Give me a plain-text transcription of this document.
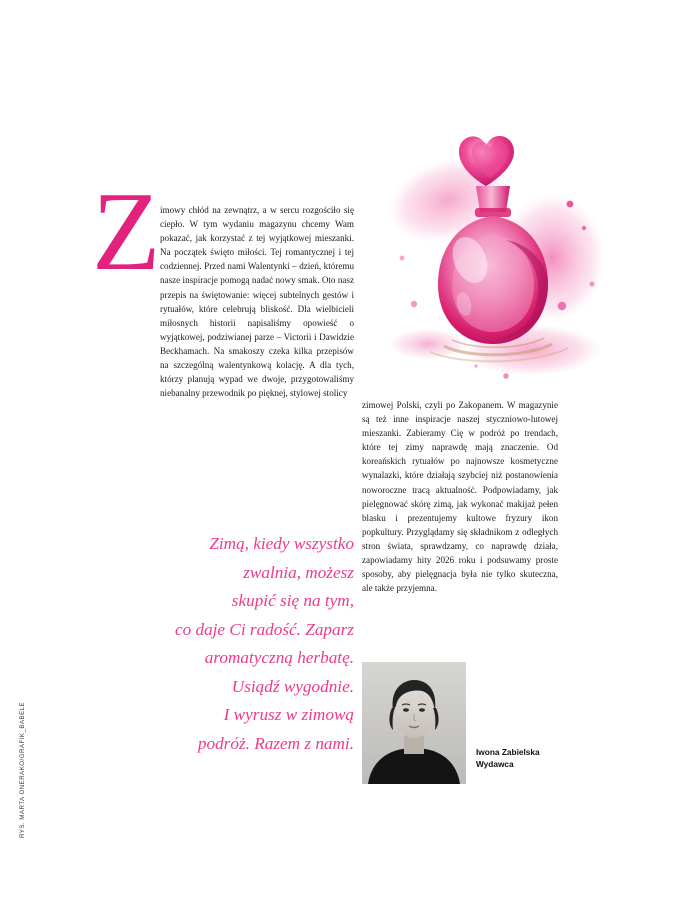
RYS. MARTA ONERAKO/GRAFIK_BABELE
Z imowy chłód na zewnątrz, a w sercu rozgościło się ciepło. W tym wydaniu magazynu chcemy Wam pokazać, jak korzystać z tej wyjątkowej mieszanki. Na początek święto miłości. Tej romantycznej i tej codziennej. Przed nami Walentynki – dzień, któremu nasze inspiracje pomogą nadać nowy smak. Oto nasz przepis na świętowanie: więcej subtelnych gestów i rytuałów, które celebrują bliskość. Dla wielbicieli miłosnych historii napisaliśmy opowieść o wyjątkowej, podziwianej parze – Victorii i Dawidzie Beckhamach. Na smakoszy czeka kilka przepisów na szczególną walentynkową kolację. A dla tych, którzy planują wypad we dwoje, przygotowaliśmy niebanalny przewodnik po pięknej, stylowej stolicy
Zimą, kiedy wszystko
zwalnia, możesz
skupić się na tym,
co daje Ci radość. Zaparz
aromatyczną herbatę.
Usiądź wygodnie.
I wyrusz w zimową
podróż. Razem z nami.
zimowej Polski, czyli po Zakopanem. W magazynie są też inne inspiracje naszej styczniowo-lutowej mieszanki. Zabieramy Cię w podróż po trendach, które tej zimy naprawdę mają znaczenie. Od koreańskich rytuałów po najnowsze kosmetyczne wynalazki, które działają szybciej niż postanowienia noworoczne tracą aktualność. Podpowiadamy, jak pielęgnować skórę zimą, jak wykonać makijaż pełen blasku i prezentujemy kultowe fryzury ikon popkultury. Przyglądamy się składnikom z odległych stron świata, sprawdzamy, co naprawdę działa, zapowiadamy hity 2026 roku i podsuwamy proste sposoby, aby pielęgnacja była nie tylko skuteczna, ale także przyjemna.
Iwona Zabielska
Wydawca
